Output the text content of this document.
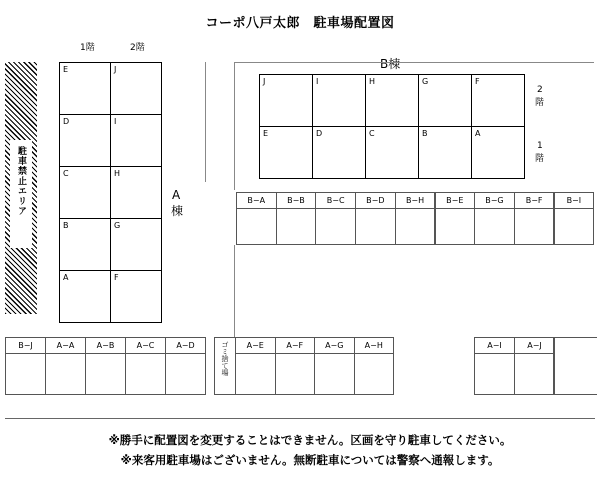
コーポ八戸太郎　駐車場配置図
1階	2階
駐車禁止エリア
E	J
D	I
C	H
B	G
A	F
A
棟
B棟
J	I	H	G	F
E	D	C	B	A
2
階
1
階
B−A	B−B	B−C	B−D	B−H	B−E	B−G	B−F	B−I
B−J	A−A	A−B	A−C	A−D	A−E	A−F	A−G	A−H	A−I	A−J
ゴミ捨て場
※勝手に配置図を変更することはできません。区画を守り駐車してください。
※来客用駐車場はございません。無断駐車については警察へ通報します。
